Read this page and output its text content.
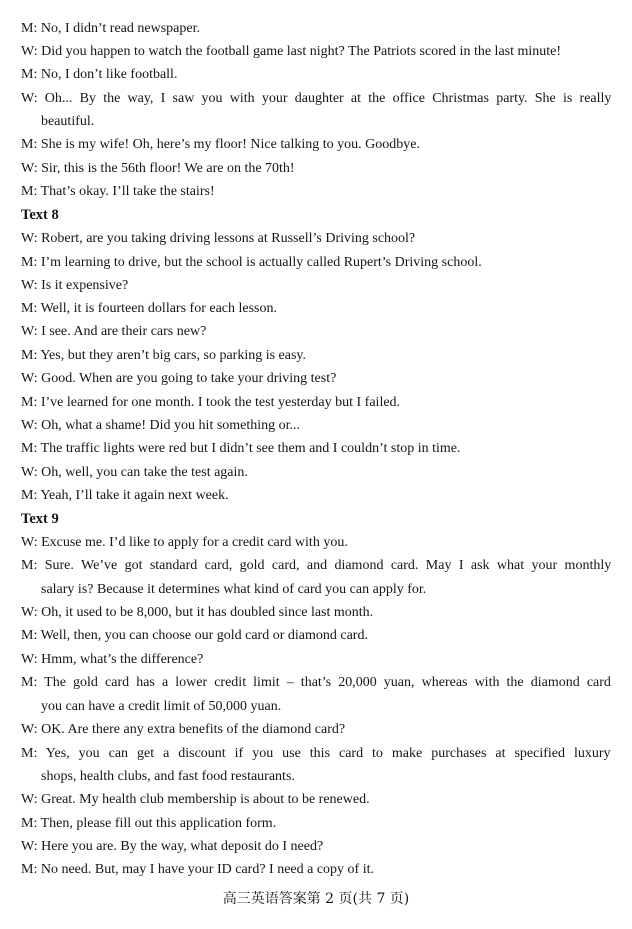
M: No, I didn’t read newspaper.
W: Did you happen to watch the football game last night? The Patriots scored in the last minute!
M: No, I don’t like football.
W: Oh... By the way, I saw you with your daughter at the office Christmas party. She is really
beautiful.
M: She is my wife! Oh, here’s my floor! Nice talking to you. Goodbye.
W: Sir, this is the 56th floor! We are on the 70th!
M: That’s okay. I’ll take the stairs!
Text 8
W: Robert, are you taking driving lessons at Russell’s Driving school?
M: I’m learning to drive, but the school is actually called Rupert’s Driving school.
W: Is it expensive?
M: Well, it is fourteen dollars for each lesson.
W: I see. And are their cars new?
M: Yes, but they aren’t big cars, so parking is easy.
W: Good. When are you going to take your driving test?
M: I’ve learned for one month. I took the test yesterday but I failed.
W: Oh, what a shame! Did you hit something or...
M: The traffic lights were red but I didn’t see them and I couldn’t stop in time.
W: Oh, well, you can take the test again.
M: Yeah, I’ll take it again next week.
Text 9
W: Excuse me. I’d like to apply for a credit card with you.
M: Sure. We’ve got standard card, gold card, and diamond card. May I ask what your monthly
salary is? Because it determines what kind of card you can apply for.
W: Oh, it used to be 8,000, but it has doubled since last month.
M: Well, then, you can choose our gold card or diamond card.
W: Hmm, what’s the difference?
M: The gold card has a lower credit limit – that’s 20,000 yuan, whereas with the diamond card
you can have a credit limit of 50,000 yuan.
W: OK. Are there any extra benefits of the diamond card?
M: Yes, you can get a discount if you use this card to make purchases at specified luxury
shops, health clubs, and fast food restaurants.
W: Great. My health club membership is about to be renewed.
M: Then, please fill out this application form.
W: Here you are. By the way, what deposit do I need?
M: No need. But, may I have your ID card? I need a copy of it.
高三英语答案第 2 页(共 7 页)
